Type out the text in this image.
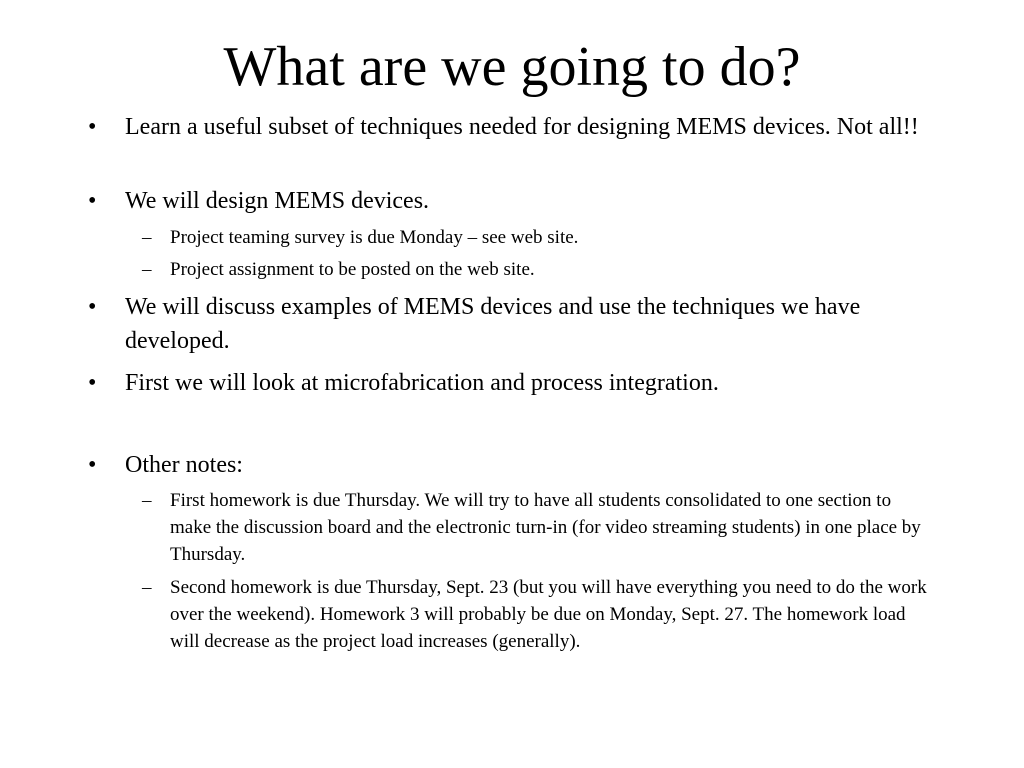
What are we going to do?
• Learn a useful subset of techniques needed for designing MEMS devices. Not all!!
• We will design MEMS devices.
– Project teaming survey is due Monday – see web site.
– Project assignment to be posted on the web site.
• We will discuss examples of MEMS devices and use the techniques we have developed.
• First we will look at microfabrication and process integration.
• Other notes:
– First homework is due Thursday. We will try to have all students consolidated to one section to make the discussion board and the electronic turn-in (for video streaming students) in one place by Thursday.
– Second homework is due Thursday, Sept. 23 (but you will have everything you need to do the work over the weekend). Homework 3 will probably be due on Monday, Sept. 27. The homework load will decrease as the project load increases (generally).
